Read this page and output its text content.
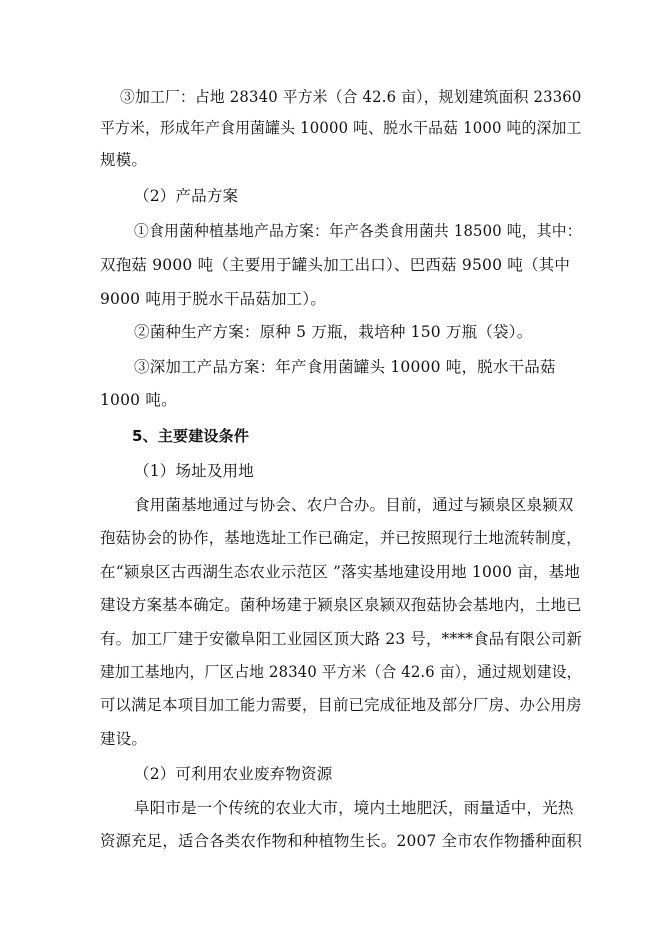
③加工厂：占地 28340 平方米（合 42.6 亩），规划建筑面积 23360
平方米，形成年产食用菌罐头 10000 吨、脱水干品菇 1000 吨的深加工
规模。
（2）产品方案
①食用菌种植基地产品方案：年产各类食用菌共 18500 吨，其中：
双孢菇 9000 吨（主要用于罐头加工出口）、巴西菇 9500 吨（其中
9000 吨用于脱水干品菇加工）。
②菌种生产方案：原种 5 万瓶，栽培种 150 万瓶（袋）。
③深加工产品方案：年产食用菌罐头 10000 吨，脱水干品菇
1000 吨。
5、主要建设条件
（1）场址及用地
食用菌基地通过与协会、农户合办。目前，通过与颍泉区泉颍双
孢菇协会的协作，基地选址工作已确定，并已按照现行土地流转制度，
在“颍泉区古西湖生态农业示范区 ”落实基地建设用地 1000 亩，基地
建设方案基本确定。菌种场建于颍泉区泉颍双孢菇协会基地内，土地已
有。加工厂建于安徽阜阳工业园区顶大路 23 号，****食品有限公司新
建加工基地内，厂区占地 28340 平方米（合 42.6 亩），通过规划建设，
可以满足本项目加工能力需要，目前已完成征地及部分厂房、办公用房
建设。
（2）可利用农业废弃物资源
阜阳市是一个传统的农业大市，境内土地肥沃，雨量适中，光热
资源充足，适合各类农作物和种植物生长。2007 全市农作物播种面积
